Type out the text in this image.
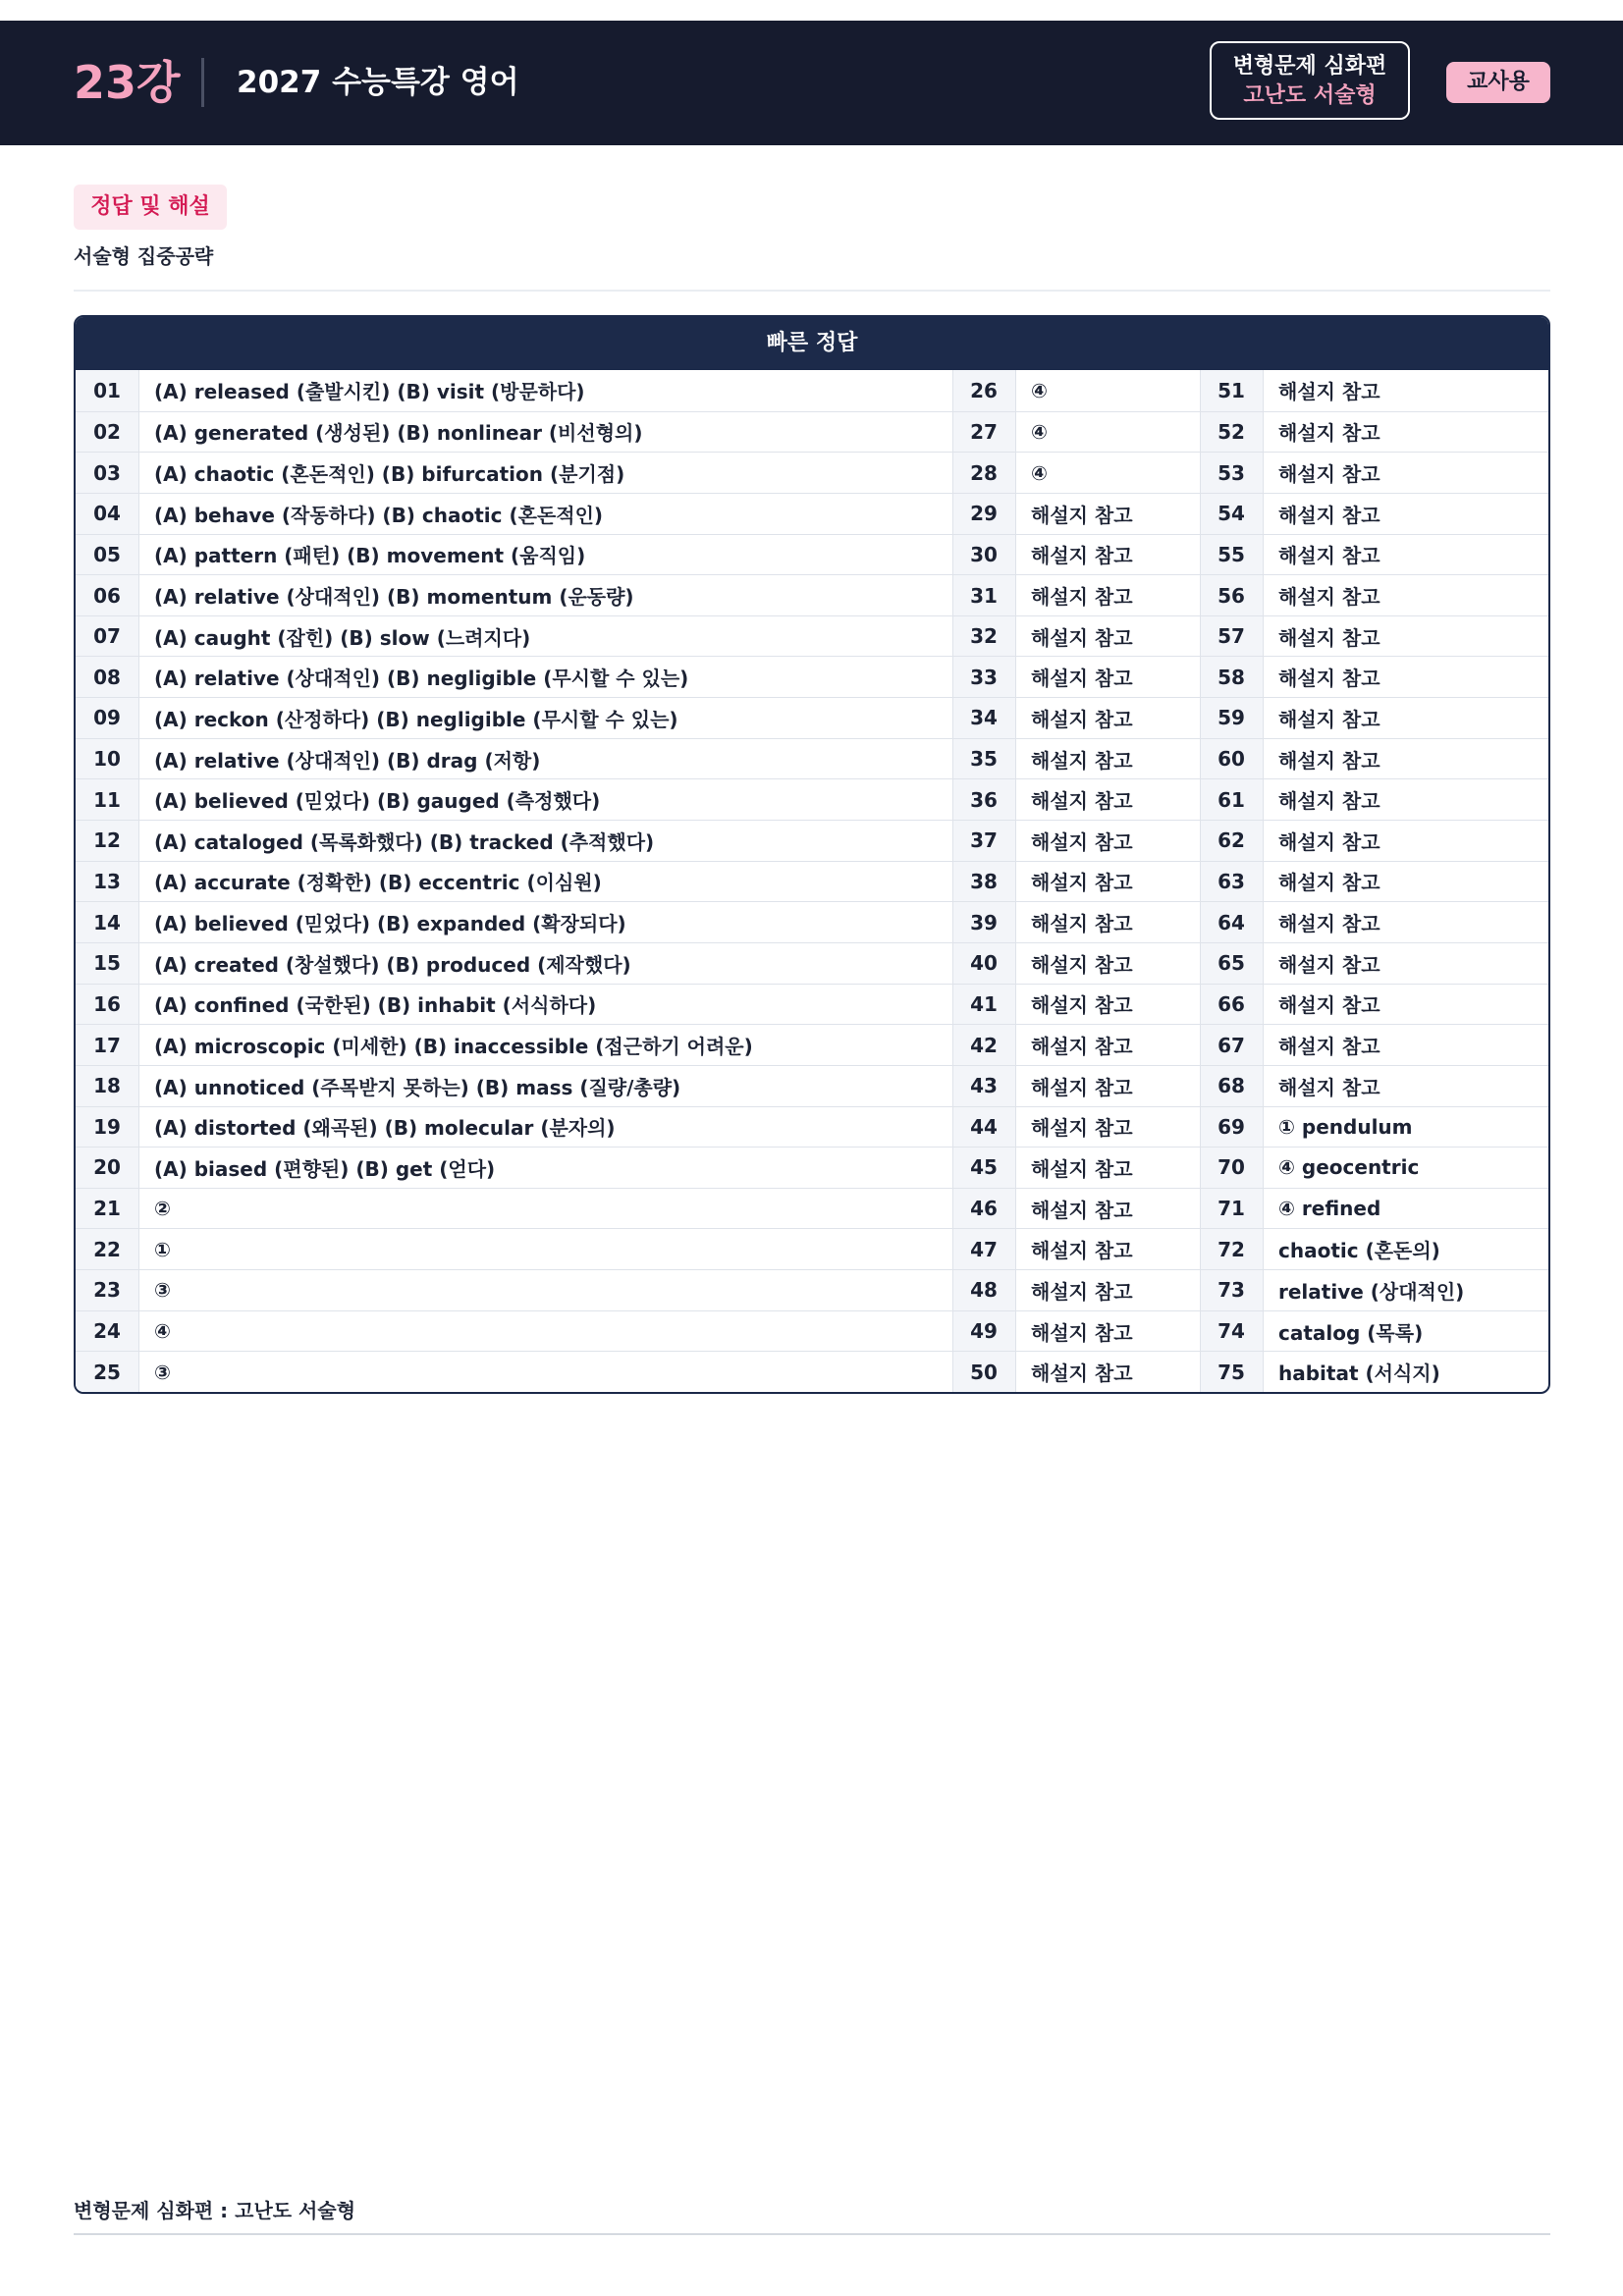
23강 2027 수능특강 영어	변형문제 심화편
고난도 서술형
교사용
정답 및 해설
서술형 집중공략
빠른 정답
01	(A) released (출발시킨) (B) visit (방문하다)	26	④	51	해설지 참고
02	(A) generated (생성된) (B) nonlinear (비선형의)	27	④	52	해설지 참고
03	(A) chaotic (혼돈적인) (B) bifurcation (분기점)	28	④	53	해설지 참고
04	(A) behave (작동하다) (B) chaotic (혼돈적인)	29	해설지 참고	54	해설지 참고
05	(A) pattern (패턴) (B) movement (움직임)	30	해설지 참고	55	해설지 참고
06	(A) relative (상대적인) (B) momentum (운동량)	31	해설지 참고	56	해설지 참고
07	(A) caught (잡힌) (B) slow (느려지다)	32	해설지 참고	57	해설지 참고
08	(A) relative (상대적인) (B) negligible (무시할 수 있는)	33	해설지 참고	58	해설지 참고
09	(A) reckon (산정하다) (B) negligible (무시할 수 있는)	34	해설지 참고	59	해설지 참고
10	(A) relative (상대적인) (B) drag (저항)	35	해설지 참고	60	해설지 참고
11	(A) believed (믿었다) (B) gauged (측정했다)	36	해설지 참고	61	해설지 참고
12	(A) cataloged (목록화했다) (B) tracked (추적했다)	37	해설지 참고	62	해설지 참고
13	(A) accurate (정확한) (B) eccentric (이심원)	38	해설지 참고	63	해설지 참고
14	(A) believed (믿었다) (B) expanded (확장되다)	39	해설지 참고	64	해설지 참고
15	(A) created (창설했다) (B) produced (제작했다)	40	해설지 참고	65	해설지 참고
16	(A) confined (국한된) (B) inhabit (서식하다)	41	해설지 참고	66	해설지 참고
17	(A) microscopic (미세한) (B) inaccessible (접근하기 어려운)	42	해설지 참고	67	해설지 참고
18	(A) unnoticed (주목받지 못하는) (B) mass (질량/총량)	43	해설지 참고	68	해설지 참고
19	(A) distorted (왜곡된) (B) molecular (분자의)	44	해설지 참고	69	① pendulum
20	(A) biased (편향된) (B) get (얻다)	45	해설지 참고	70	④ geocentric
21	②	46	해설지 참고	71	④ refined
22	①	47	해설지 참고	72	chaotic (혼돈의)
23	③	48	해설지 참고	73	relative (상대적인)
24	④	49	해설지 참고	74	catalog (목록)
25	③	50	해설지 참고	75	habitat (서식지)
변형문제 심화편 : 고난도 서술형
